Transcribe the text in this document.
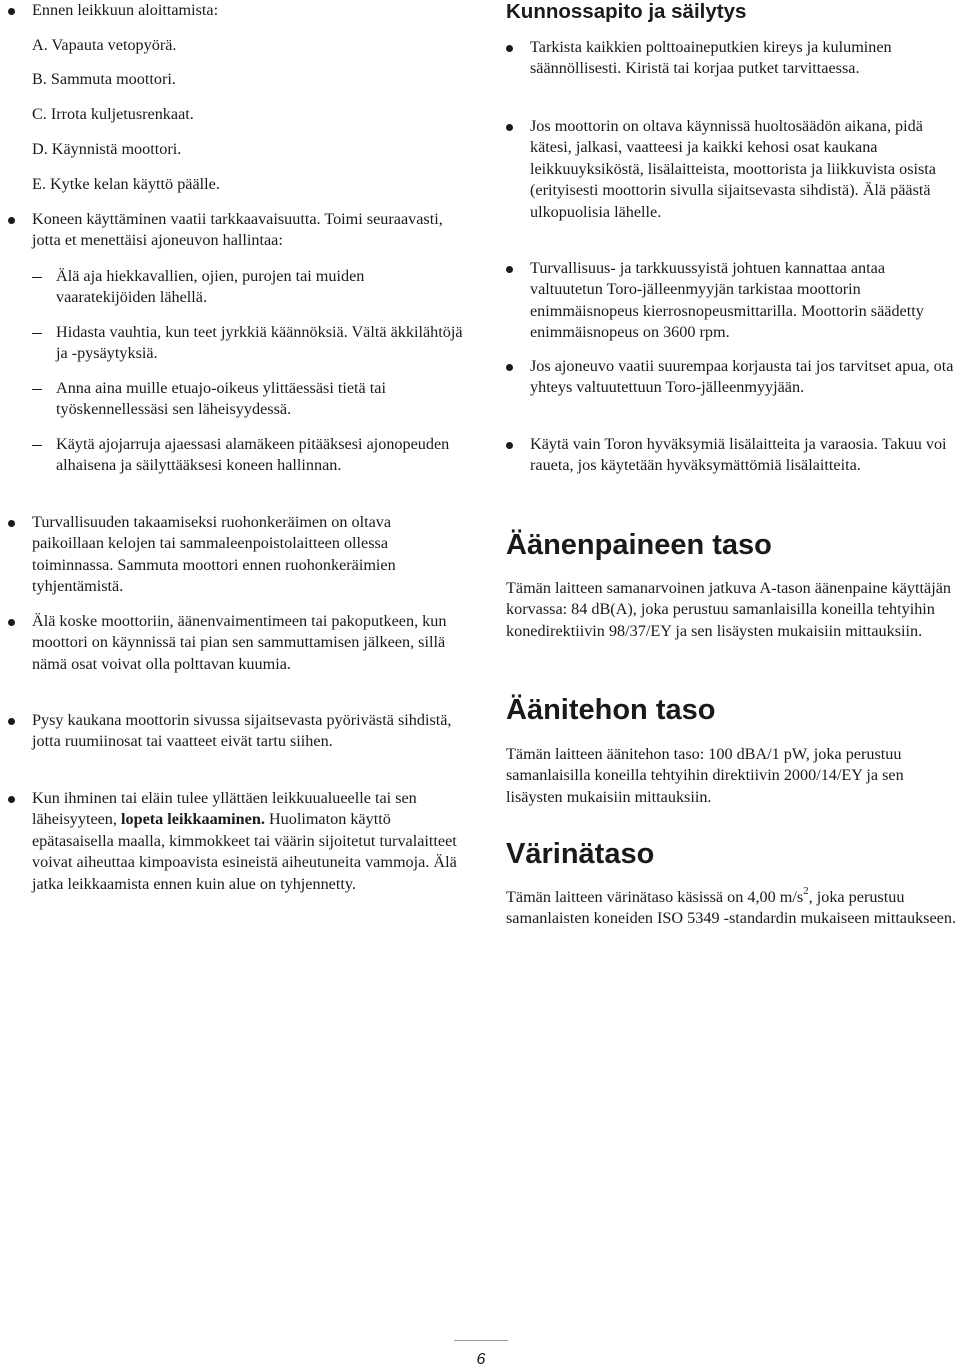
Ennen leikkuun aloittamista:
A. Vapauta vetopyörä.
B. Sammuta moottori.
C. Irrota kuljetusrenkaat.
D. Käynnistä moottori.
E. Kytke kelan käyttö päälle.
Koneen käyttäminen vaatii tarkkaavaisuutta. Toimi seuraavasti, jotta et menettäisi ajoneuvon hallintaa:
Älä aja hiekkavallien, ojien, purojen tai muiden vaaratekijöiden lähellä.
Hidasta vauhtia, kun teet jyrkkiä käännöksiä. Vältä äkkilähtöjä ja -pysäytyksiä.
Anna aina muille etuajo-oikeus ylittäessäsi tietä tai työskennellessäsi sen läheisyydessä.
Käytä ajojarruja ajaessasi alamäkeen pitääksesi ajonopeuden alhaisena ja säilyttääksesi koneen hallinnan.
Turvallisuuden takaamiseksi ruohonkeräimen on oltava paikoillaan kelojen tai sammaleenpoistolaitteen ollessa toiminnassa. Sammuta moottori ennen ruohonkeräimien tyhjentämistä.
Älä koske moottoriin, äänenvaimentimeen tai pakoputkeen, kun moottori on käynnissä tai pian sen sammuttamisen jälkeen, sillä nämä osat voivat olla polttavan kuumia.
Pysy kaukana moottorin sivussa sijaitsevasta pyörivästä sihdistä, jotta ruumiinosat tai vaatteet eivät tartu siihen.
Kun ihminen tai eläin tulee yllättäen leikkuualueelle tai sen läheisyyteen, lopeta leikkaaminen. Huolimaton käyttö epätasaisella maalla, kimmokkeet tai väärin sijoitetut turvalaitteet voivat aiheuttaa kimpoavista esineistä aiheutuneita vammoja. Älä jatka leikkaamista ennen kuin alue on tyhjennetty.
Kunnossapito ja säilytys
Tarkista kaikkien polttoaineputkien kireys ja kuluminen säännöllisesti. Kiristä tai korjaa putket tarvittaessa.
Jos moottorin on oltava käynnissä huoltosäädön aikana, pidä kätesi, jalkasi, vaatteesi ja kaikki kehosi osat kaukana leikkuuyksiköstä, lisälaitteista, moottorista ja liikkuvista osista (erityisesti moottorin sivulla sijaitsevasta sihdistä). Älä päästä ulkopuolisia lähelle.
Turvallisuus- ja tarkkuussyistä johtuen kannattaa antaa valtuutetun Toro-jälleenmyyjän tarkistaa moottorin enimmäisnopeus kierrosnopeusmittarilla. Moottorin säädetty enimmäisnopeus on 3600 rpm.
Jos ajoneuvo vaatii suurempaa korjausta tai jos tarvitset apua, ota yhteys valtuutettuun Toro-jälleenmyyjään.
Käytä vain Toron hyväksymiä lisälaitteita ja varaosia. Takuu voi raueta, jos käytetään hyväksymättömiä lisälaitteita.
Äänenpaineen taso
Tämän laitteen samanarvoinen jatkuva A-tason äänenpaine käyttäjän korvassa: 84 dB(A), joka perustuu samanlaisilla koneilla tehtyihin konedirektiivin 98/37/EY ja sen lisäysten mukaisiin mittauksiin.
Äänitehon taso
Tämän laitteen äänitehon taso: 100 dBA/1 pW, joka perustuu samanlaisilla koneilla tehtyihin direktiivin 2000/14/EY ja sen lisäysten mukaisiin mittauksiin.
Värinätaso
Tämän laitteen värinätaso käsissä on 4,00 $m/s^2$, joka perustuu samanlaisten koneiden ISO 5349 -standardin mukaiseen mittaukseen.
6
